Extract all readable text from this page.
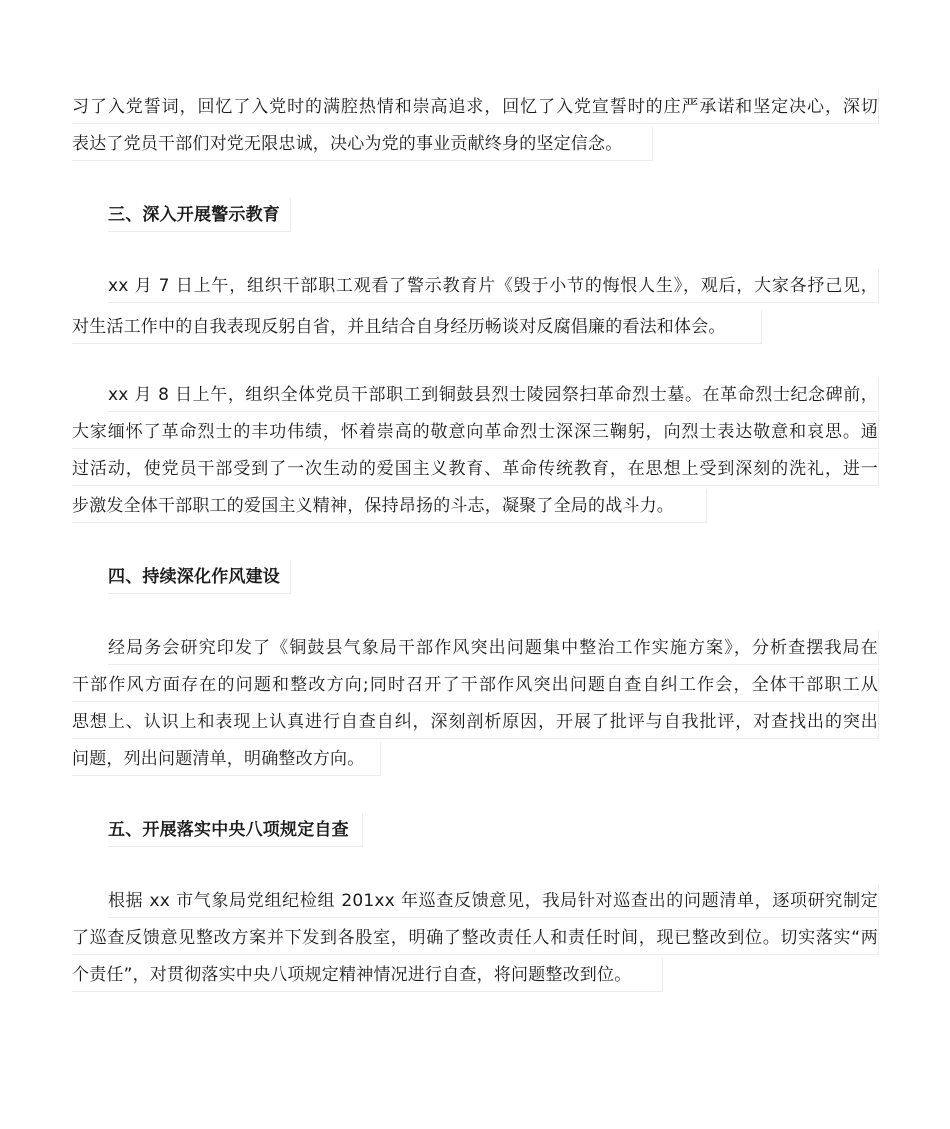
习了入党誓词，回忆了入党时的满腔热情和崇高追求，回忆了入党宣誓时的庄严承诺和坚定决心，深切
表达了党员干部们对党无限忠诚，决心为党的事业贡献终身的坚定信念。
三、深入开展警示教育
xx 月 7 日上午，组织干部职工观看了警示教育片《毁于小节的悔恨人生》，观后，大家各抒己见，
对生活工作中的自我表现反躬自省，并且结合自身经历畅谈对反腐倡廉的看法和体会。
xx 月 8 日上午，组织全体党员干部职工到铜鼓县烈士陵园祭扫革命烈士墓。在革命烈士纪念碑前，
大家缅怀了革命烈士的丰功伟绩，怀着崇高的敬意向革命烈士深深三鞠躬，向烈士表达敬意和哀思。通
过活动，使党员干部受到了一次生动的爱国主义教育、革命传统教育，在思想上受到深刻的洗礼，进一
步激发全体干部职工的爱国主义精神，保持昂扬的斗志，凝聚了全局的战斗力。
四、持续深化作风建设
经局务会研究印发了《铜鼓县气象局干部作风突出问题集中整治工作实施方案》，分析查摆我局在
干部作风方面存在的问题和整改方向;同时召开了干部作风突出问题自查自纠工作会，全体干部职工从
思想上、认识上和表现上认真进行自查自纠，深刻剖析原因，开展了批评与自我批评，对查找出的突出
问题，列出问题清单，明确整改方向。
五、开展落实中央八项规定自查
根据 xx 市气象局党组纪检组 201xx 年巡查反馈意见，我局针对巡查出的问题清单，逐项研究制定
了巡查反馈意见整改方案并下发到各股室，明确了整改责任人和责任时间，现已整改到位。切实落实“两
个责任”，对贯彻落实中央八项规定精神情况进行自查，将问题整改到位。
